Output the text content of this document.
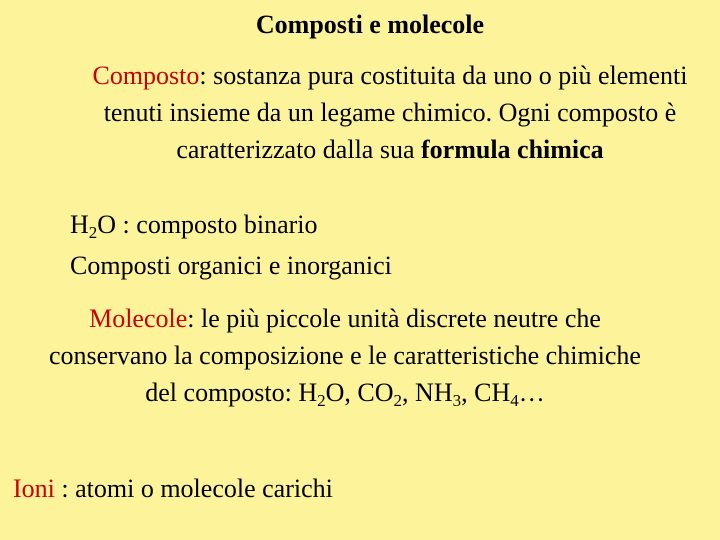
Composti e molecole
Composto: sostanza pura costituita da uno o più elementi tenuti insieme da un legame chimico. Ogni composto è caratterizzato dalla sua formula chimica
$H_2O$ : composto binario
Composti organici e inorganici
Molecole: le più piccole unità discrete neutre che conservano la composizione e le caratteristiche chimiche del composto: $H_2O$, $CO_2$, $NH_3$, $CH_4\dots$
Ioni : atomi o molecole carichi
